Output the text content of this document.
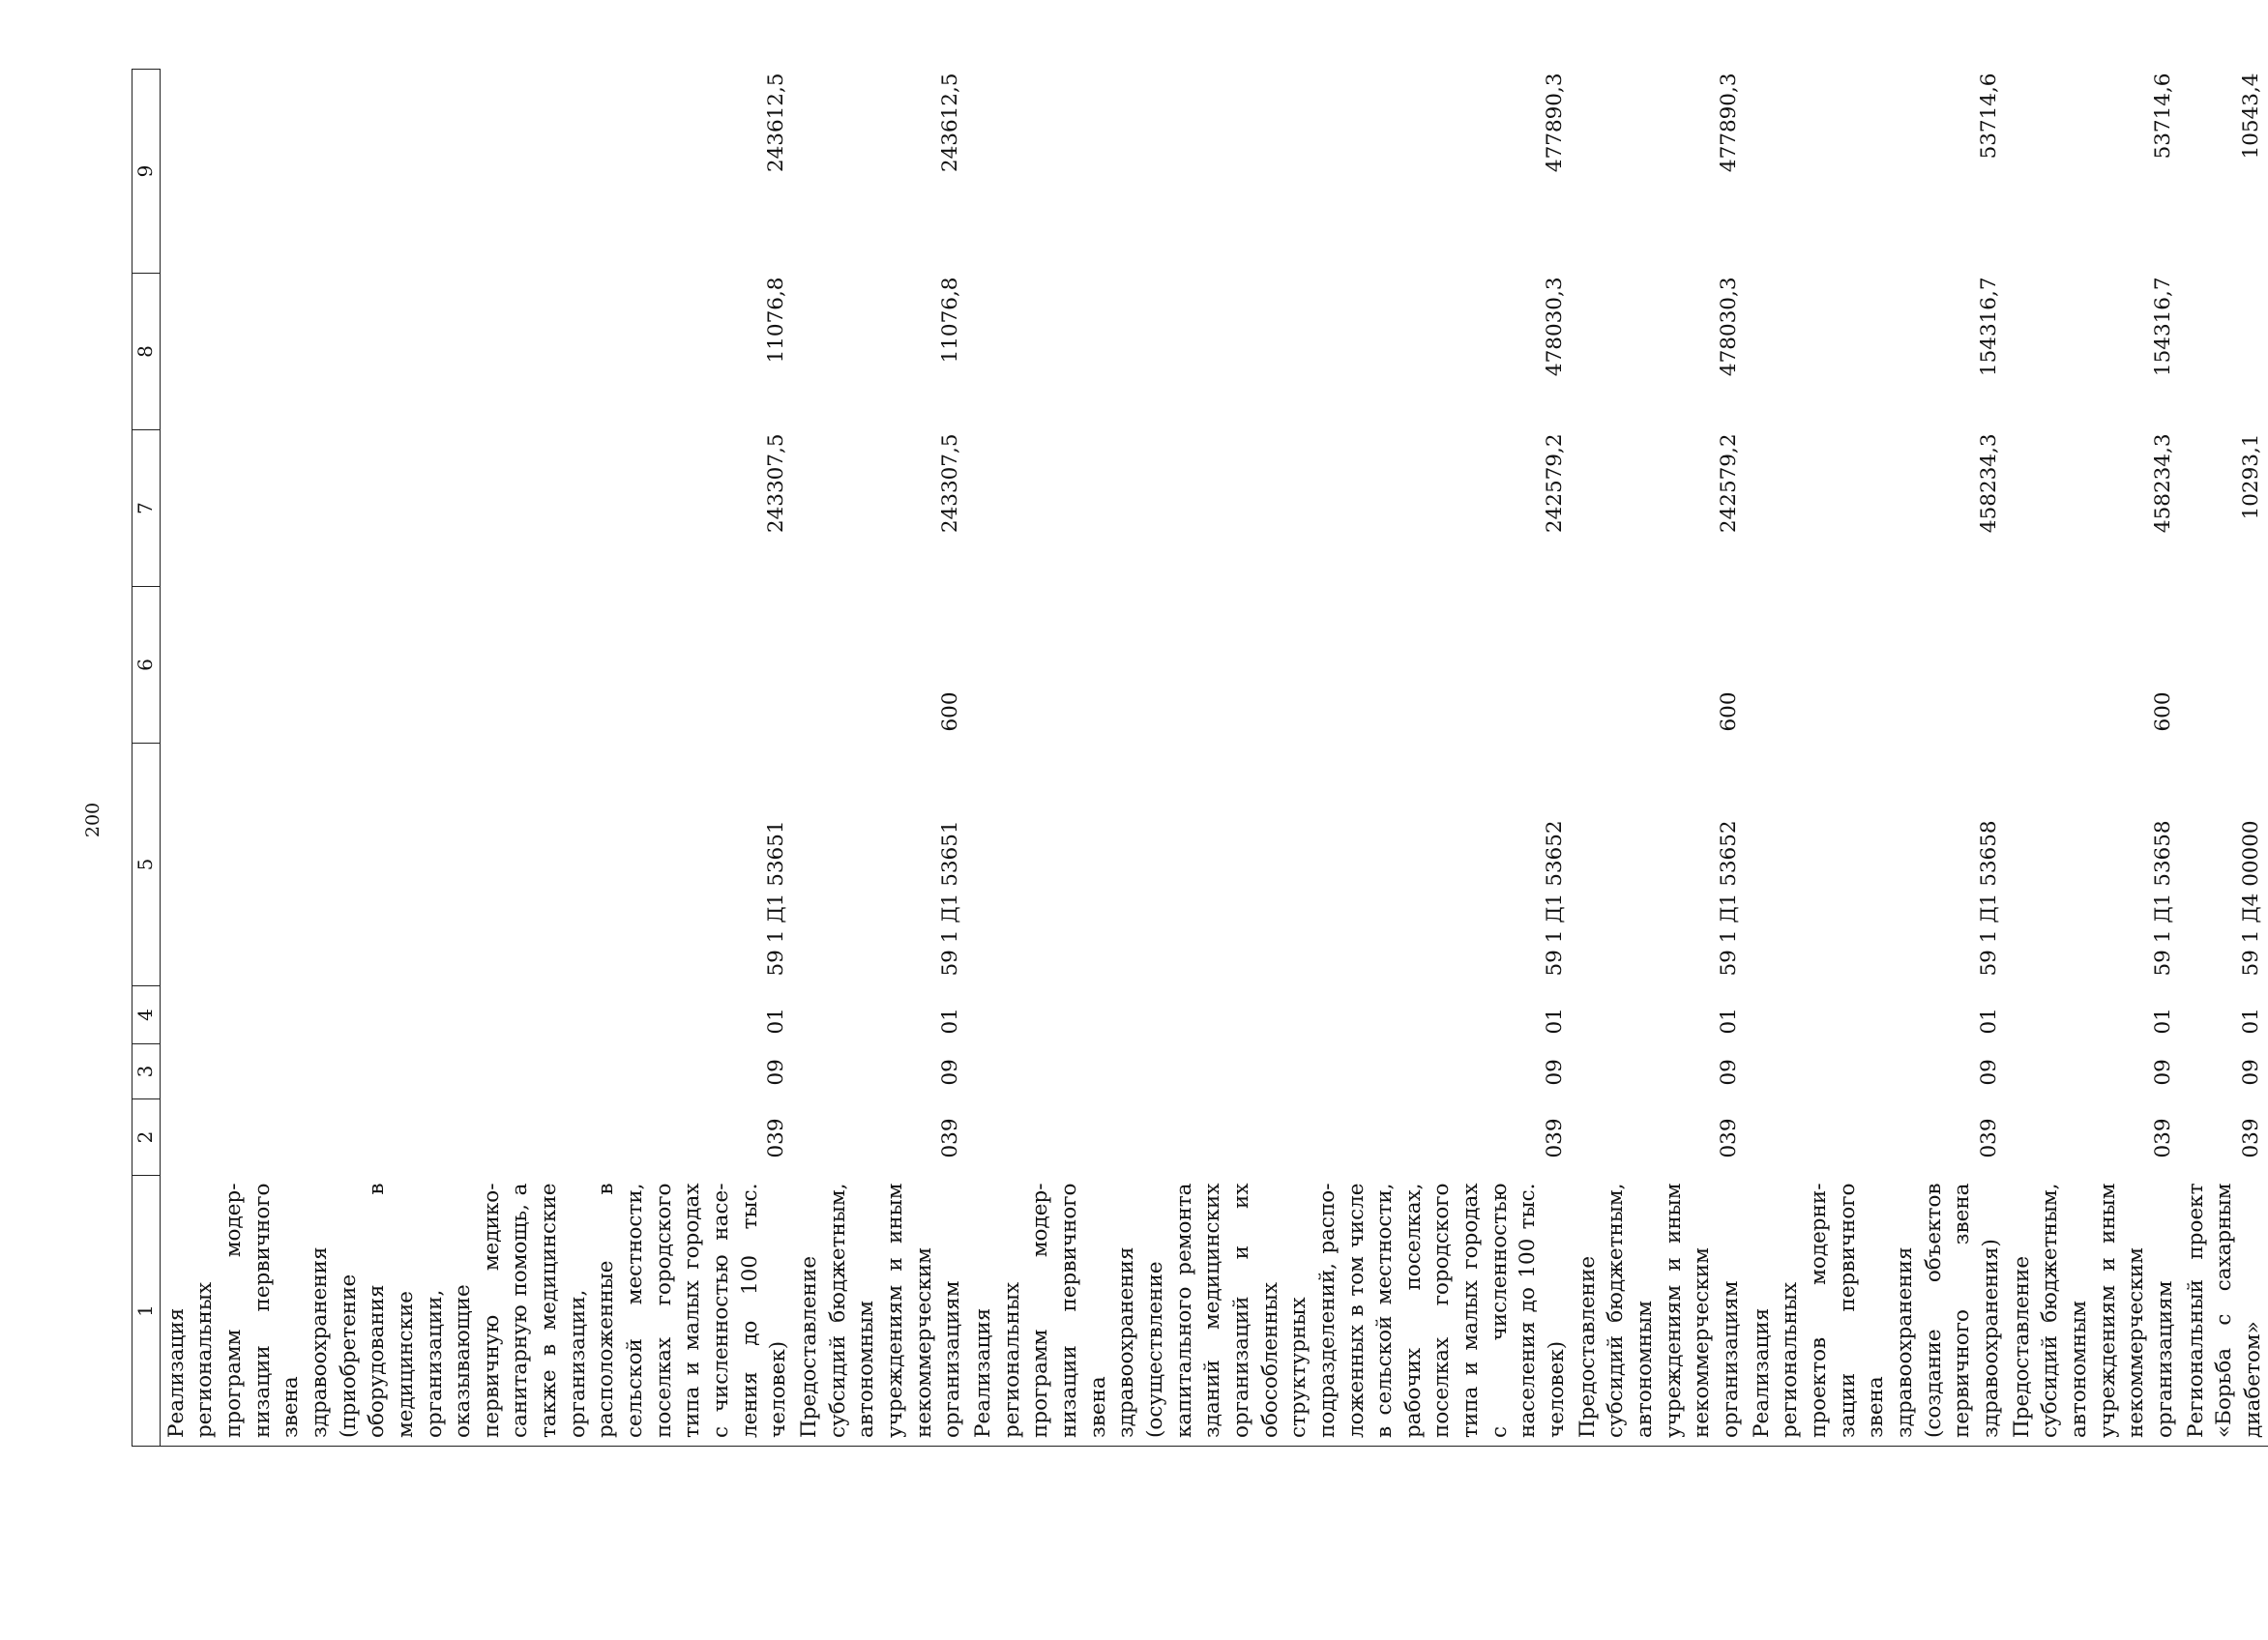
200
1	2	3	4	5	6	7	8	9
Реализация региональных программ модернизации первичного звена здравоохранения (приобретение оборудования в медицинские организации, оказывающие первичную медико-санитарную помощь, а также в медицинские организации, расположенные в сельской местности, поселках городского типа и малых городах с численностью населения до 100 тыс. человек)	039	09	01	59 1 Д1 53651		243307,5	11076,8	243612,5
Предоставление субсидий бюджетным, автономным учреждениям и иным некоммерческим организациям	039	09	01	59 1 Д1 53651	600	243307,5	11076,8	243612,5
Реализация региональных программ модернизации первичного звена здравоохранения (осуществление капитального ремонта зданий медицинских организаций и их обособленных структурных подразделений, расположенных в том числе в сельской местности, рабочих поселках, поселках городского типа и малых городах с численностью населения до 100 тыс. человек)	039	09	01	59 1 Д1 53652		242579,2	478030,3	477890,3
Предоставление субсидий бюджетным, автономным учреждениям и иным некоммерческим организациям	039	09	01	59 1 Д1 53652	600	242579,2	478030,3	477890,3
Реализация региональных проектов модернизации первичного звена здравоохранения (создание объектов первичного звена здравоохранения)	039	09	01	59 1 Д1 53658		458234,3	154316,7	53714,6
Предоставление субсидий бюджетным, автономным учреждениям и иным некоммерческим организациям	039	09	01	59 1 Д1 53658	600	458234,3	154316,7	53714,6
Региональный проект «Борьба с сахарным диабетом»	039	09	01	59 1 Д4 00000		10293,1		10543,4
